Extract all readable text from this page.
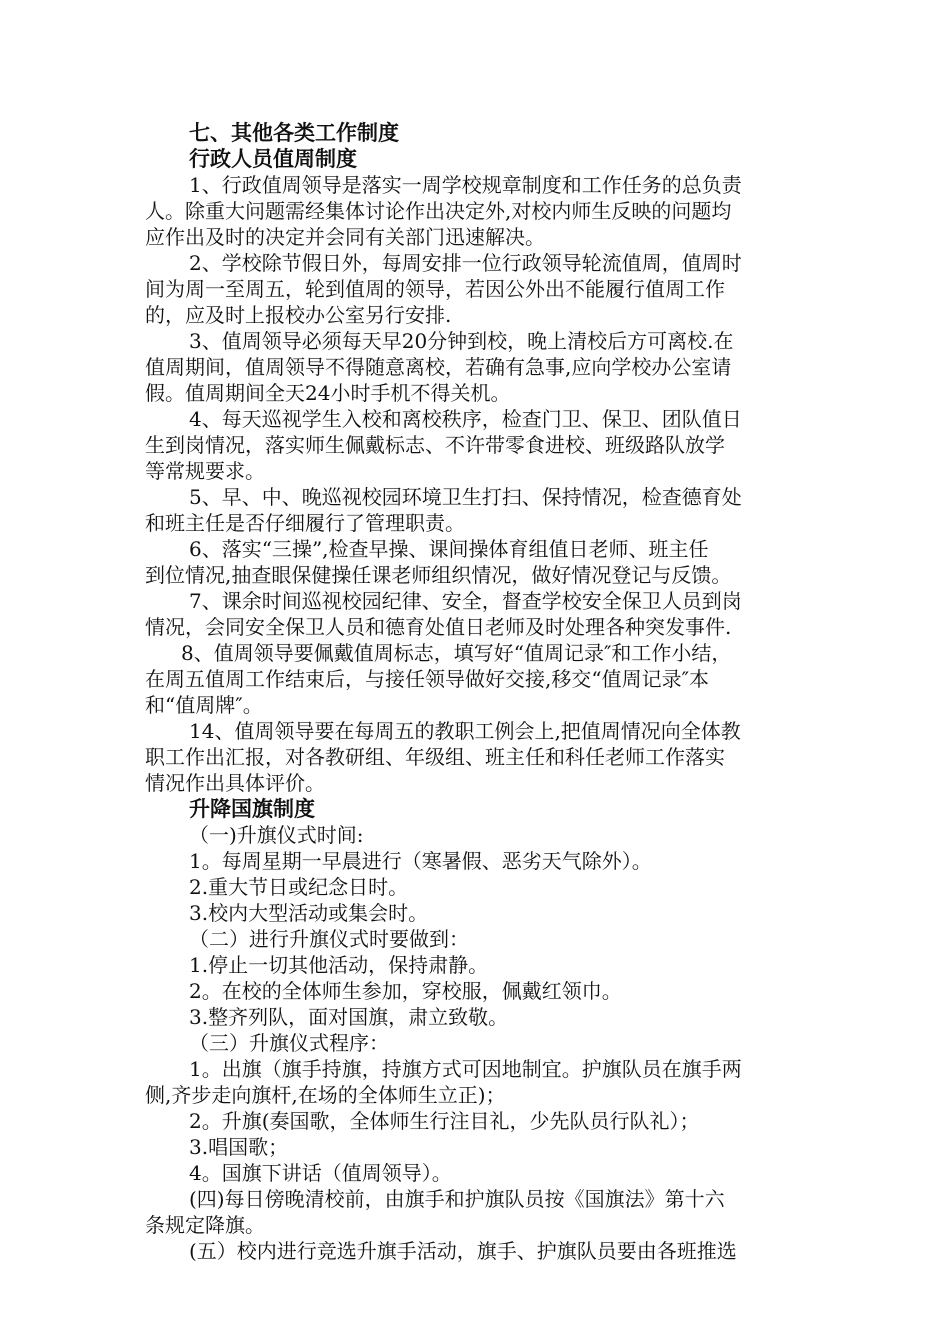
七、其他各类工作制度
行政人员值周制度
1、行政值周领导是落实一周学校规章制度和工作任务的总负责
人。除重大问题需经集体讨论作出决定外,对校内师生反映的问题均
应作出及时的决定并会同有关部门迅速解决。
2、学校除节假日外，每周安排一位行政领导轮流值周，值周时
间为周一至周五，轮到值周的领导，若因公外出不能履行值周工作
的，应及时上报校办公室另行安排.
3、值周领导必须每天早20分钟到校，晚上清校后方可离校.在
值周期间，值周领导不得随意离校，若确有急事,应向学校办公室请
假。值周期间全天24小时手机不得关机。
4、每天巡视学生入校和离校秩序，检查门卫、保卫、团队值日
生到岗情况，落实师生佩戴标志、不许带零食进校、班级路队放学
等常规要求。
5、早、中、晚巡视校园环境卫生打扫、保持情况，检查德育处
和班主任是否仔细履行了管理职责。
6、落实“三操”,检查早操、课间操体育组值日老师、班主任
到位情况,抽查眼保健操任课老师组织情况，做好情况登记与反馈。
7、课余时间巡视校园纪律、安全，督查学校安全保卫人员到岗
情况，会同安全保卫人员和德育处值日老师及时处理各种突发事件.
8、值周领导要佩戴值周标志，填写好“值周记录″和工作小结，
在周五值周工作结束后，与接任领导做好交接,移交“值周记录″本
和“值周牌″。
14、值周领导要在每周五的教职工例会上,把值周情况向全体教
职工作出汇报，对各教研组、年级组、班主任和科任老师工作落实
情况作出具体评价。
升降国旗制度
（一)升旗仪式时间:
1。每周星期一早晨进行（寒暑假、恶劣天气除外）。
2.重大节日或纪念日时。
3.校内大型活动或集会时。
（二）进行升旗仪式时要做到：
1.停止一切其他活动，保持肃静。
2。在校的全体师生参加，穿校服，佩戴红领巾。
3.整齐列队，面对国旗，肃立致敬。
（三）升旗仪式程序：
1。出旗（旗手持旗，持旗方式可因地制宜。护旗队员在旗手两
侧,齐步走向旗杆,在场的全体师生立正)；
2。升旗(奏国歌，全体师生行注目礼，少先队员行队礼）；
3.唱国歌；
4。国旗下讲话（值周领导）。
(四)每日傍晚清校前，由旗手和护旗队员按《国旗法》第十六
条规定降旗。
(五）校内进行竞选升旗手活动，旗手、护旗队员要由各班推选
